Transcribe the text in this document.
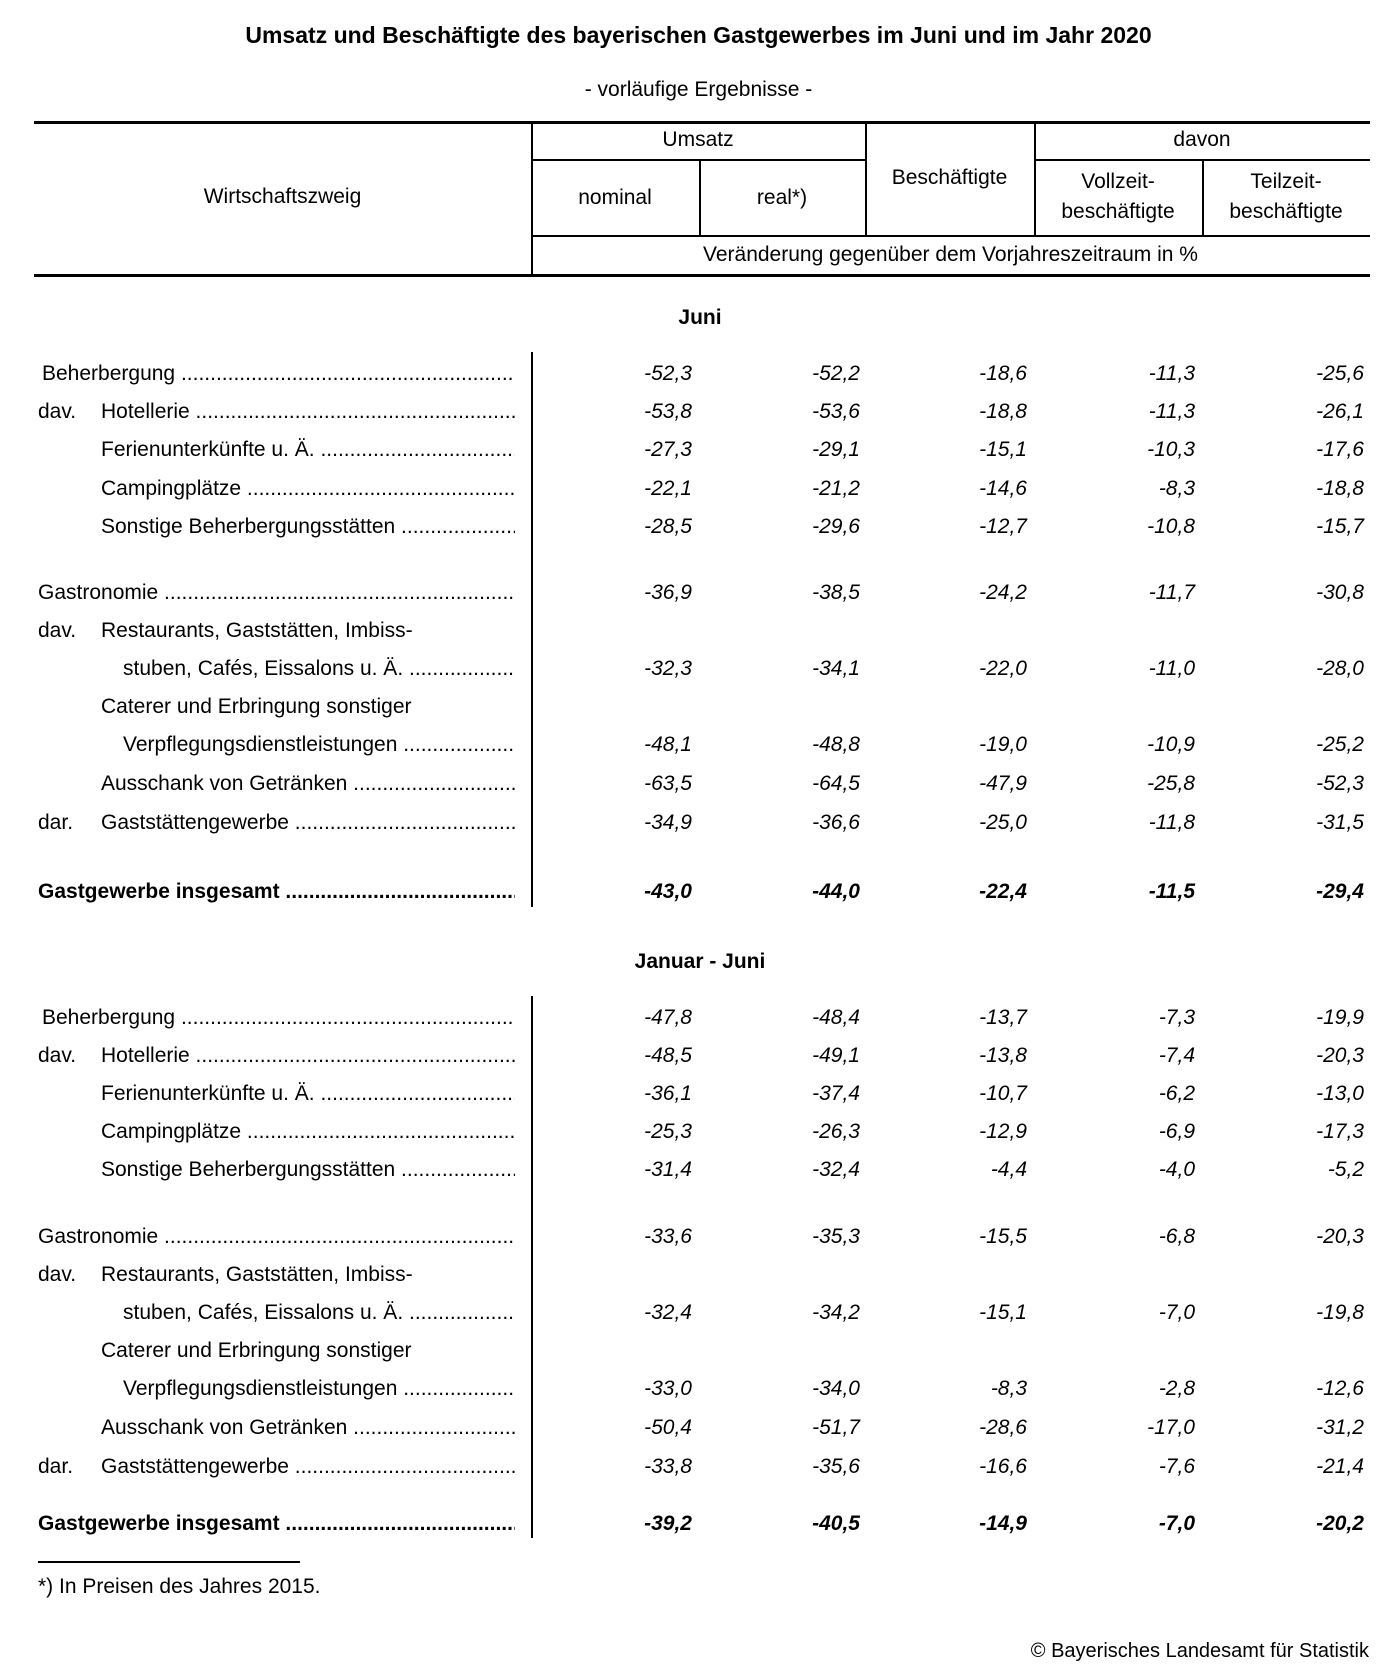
Umsatz und Beschäftigte des bayerischen Gastgewerbes im Juni und im Jahr 2020
- vorläufige Ergebnisse -
Wirtschaftszweig
Umsatz
nominal	real*)
Beschäftigte
davon
Vollzeit-
beschäftigte
Teilzeit-
beschäftigte
Veränderung gegenüber dem Vorjahreszeitraum in %
Juni
Januar - Juni
Beherbergung .....	-52,3	-52,2	-18,6	-11,3	-25,6
dav. Hotellerie .....	-53,8	-53,6	-18,8	-11,3	-26,1
Ferienunterkünfte u. Ä. .....	-27,3	-29,1	-15,1	-10,3	-17,6
Campingplätze .....	-22,1	-21,2	-14,6	-8,3	-18,8
Sonstige Beherbergungsstätten .....	-28,5	-29,6	-12,7	-10,8	-15,7
Gastronomie .....	-36,9	-38,5	-24,2	-11,7	-30,8
dav. Restaurants, Gaststätten, Imbiss-
stuben, Cafés, Eissalons u. Ä. .....	-32,3	-34,1	-22,0	-11,0	-28,0
Caterer und Erbringung sonstiger
Verpflegungsdienstleistungen .....	-48,1	-48,8	-19,0	-10,9	-25,2
Ausschank von Getränken .....	-63,5	-64,5	-47,9	-25,8	-52,3
dar. Gaststättengewerbe .....	-34,9	-36,6	-25,0	-11,8	-31,5
Gastgewerbe insgesamt .....	-43,0	-44,0	-22,4	-11,5	-29,4
Beherbergung .....	-47,8	-48,4	-13,7	-7,3	-19,9
dav. Hotellerie .....	-48,5	-49,1	-13,8	-7,4	-20,3
Ferienunterkünfte u. Ä. .....	-36,1	-37,4	-10,7	-6,2	-13,0
Campingplätze .....	-25,3	-26,3	-12,9	-6,9	-17,3
Sonstige Beherbergungsstätten .....	-31,4	-32,4	-4,4	-4,0	-5,2
Gastronomie .....	-33,6	-35,3	-15,5	-6,8	-20,3
dav. Restaurants, Gaststätten, Imbiss-
stuben, Cafés, Eissalons u. Ä. .....	-32,4	-34,2	-15,1	-7,0	-19,8
Caterer und Erbringung sonstiger
Verpflegungsdienstleistungen .....	-33,0	-34,0	-8,3	-2,8	-12,6
Ausschank von Getränken .....	-50,4	-51,7	-28,6	-17,0	-31,2
dar. Gaststättengewerbe .....	-33,8	-35,6	-16,6	-7,6	-21,4
Gastgewerbe insgesamt .....	-39,2	-40,5	-14,9	-7,0	-20,2
*) In Preisen des Jahres 2015.
© Bayerisches Landesamt für Statistik
